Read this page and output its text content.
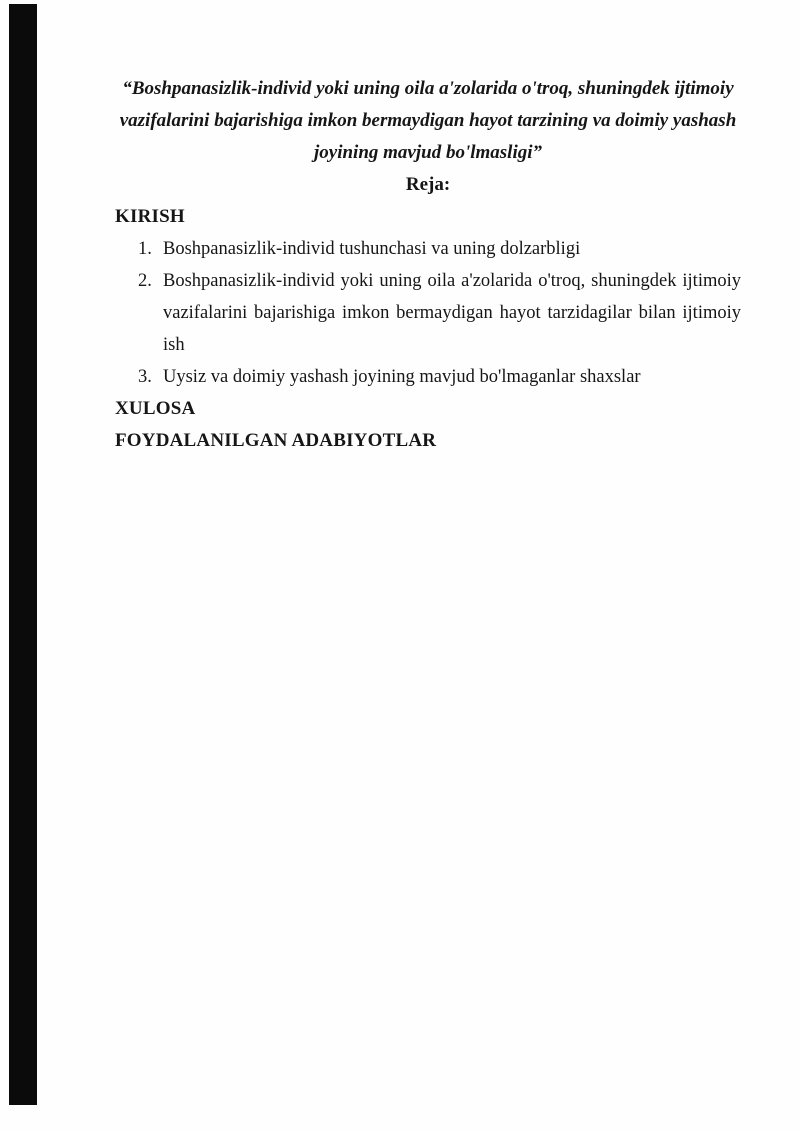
“Boshpanasizlik-individ yoki uning oila a'zolarida o'troq, shuningdek ijtimoiy
vazifalarini bajarishiga imkon bermaydigan hayot tarzining va doimiy yashash
joyining mavjud bo'lmasligi”
Reja:
KIRISH
1. Boshpanasizlik-individ tushunchasi va uning dolzarbligi
2. Boshpanasizlik-individ yoki uning oila a'zolarida o'troq, shuningdek ijtimoiy
vazifalarini bajarishiga imkon bermaydigan hayot tarzidagilar bilan ijtimoiy
ish
3. Uysiz va doimiy yashash joyining mavjud bo'lmaganlar shaxslar
XULOSA
FOYDALANILGAN ADABIYOTLAR
